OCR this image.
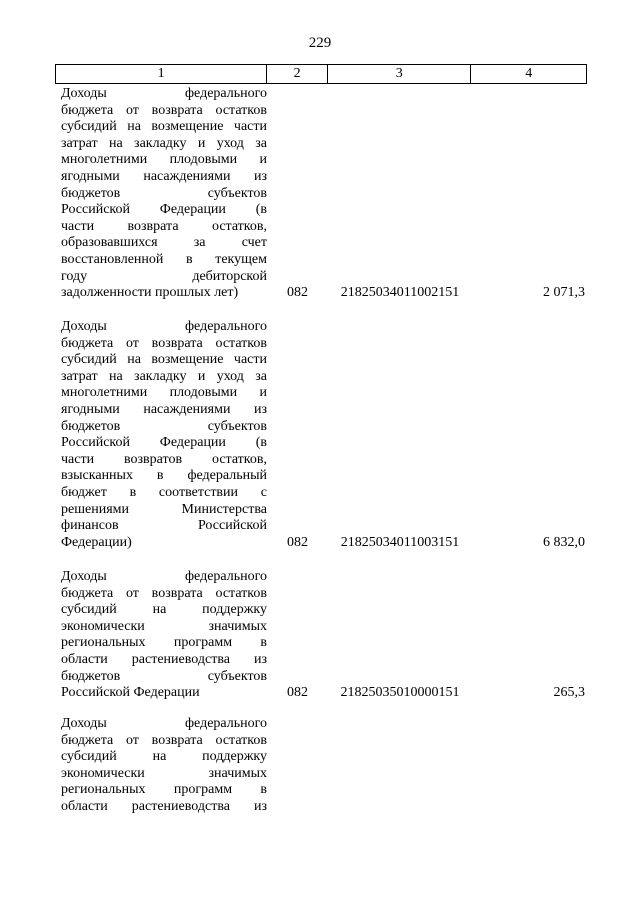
229
1	2	3	4
Доходы федерального
бюджета от возврата остатков
субсидий на возмещение части
затрат на закладку и уход за
многолетними плодовыми и
ягодными насаждениями из
бюджетов субъектов
Российской Федерации (в
части возврата остатков,
образовавшихся за счет
восстановленной в текущем
году дебиторской
задолженности прошлых лет)	082	21825034011002151	2 071,3
Доходы федерального
бюджета от возврата остатков
субсидий на возмещение части
затрат на закладку и уход за
многолетними плодовыми и
ягодными насаждениями из
бюджетов субъектов
Российской Федерации (в
части возвратов остатков,
взысканных в федеральный
бюджет в соответствии с
решениями Министерства
финансов Российской
Федерации)	082	21825034011003151	6 832,0
Доходы федерального
бюджета от возврата остатков
субсидий на поддержку
экономически значимых
региональных программ в
области растениеводства из
бюджетов субъектов
Российской Федерации	082	21825035010000151	265,3
Доходы федерального
бюджета от возврата остатков
субсидий на поддержку
экономически значимых
региональных программ в
области растениеводства из
